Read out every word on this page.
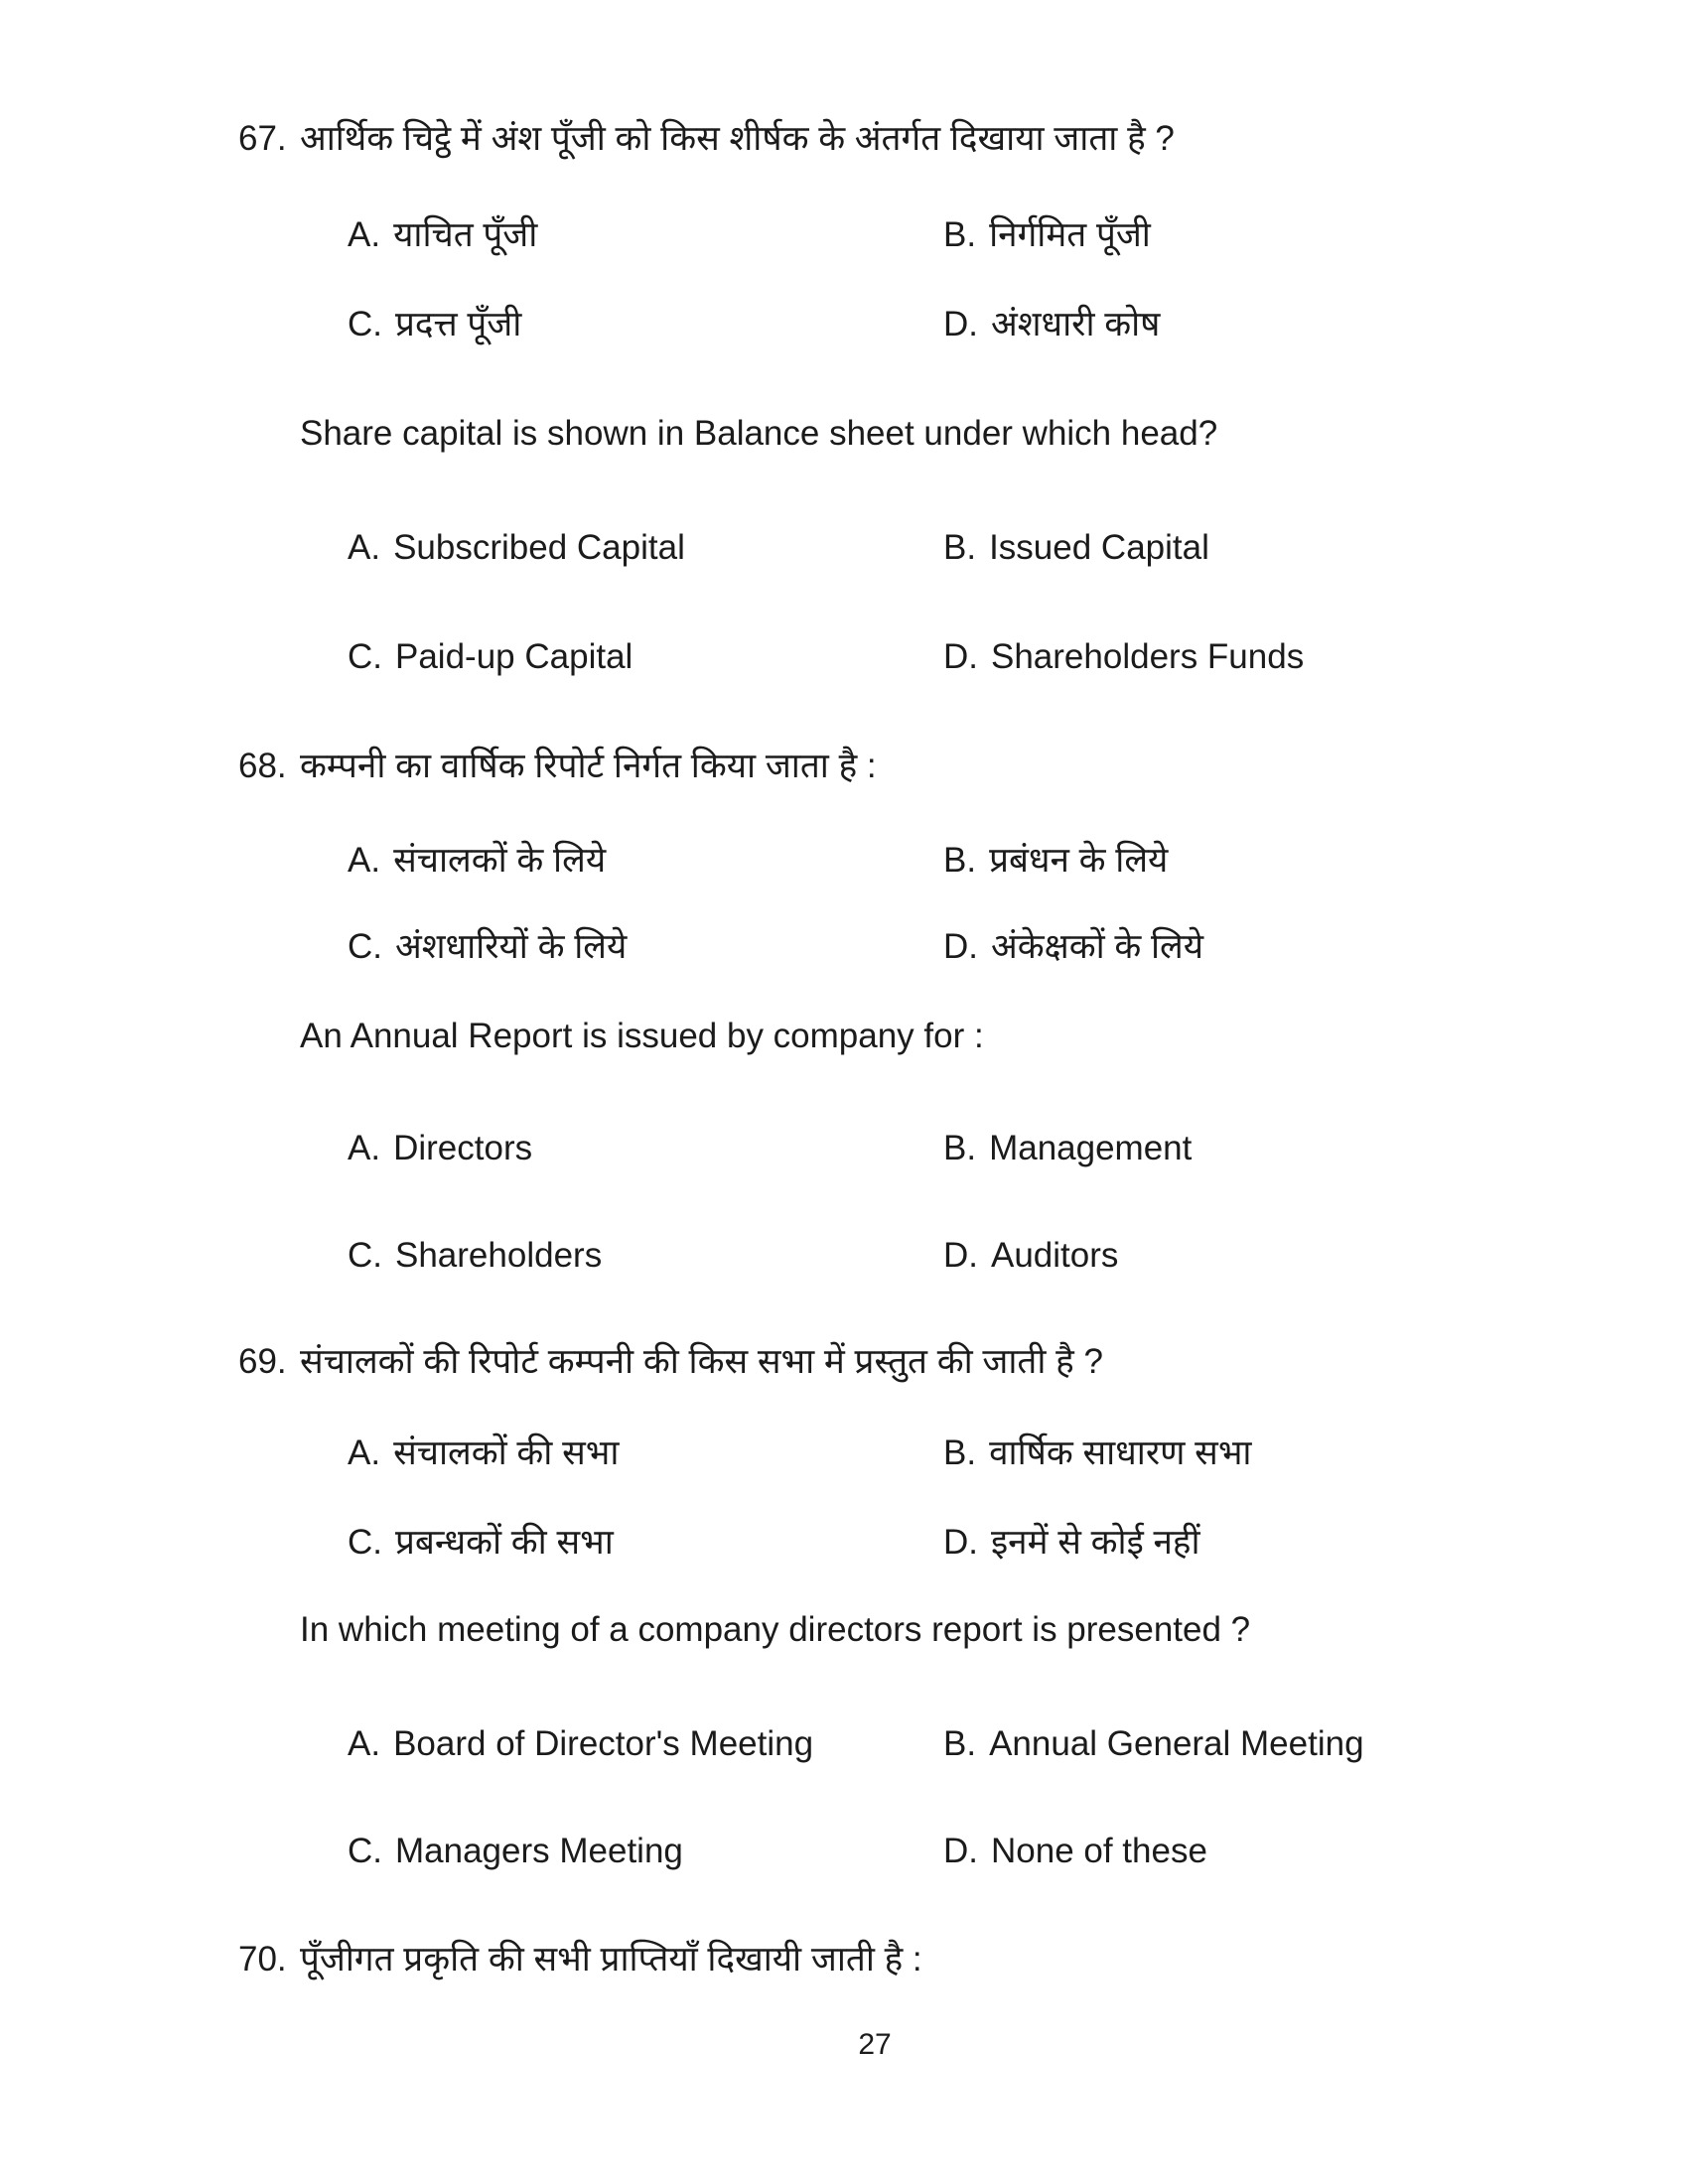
67. आर्थिक चिट्ठे में अंश पूँजी को किस शीर्षक के अंतर्गत दिखाया जाता है ?
A. याचित पूँजी	B. निर्गमित पूँजी
C. प्रदत्त पूँजी	D. अंशधारी कोष
Share capital is shown in Balance sheet under which head?
A. Subscribed Capital	B. Issued Capital
C. Paid-up Capital	D. Shareholders Funds
68. कम्पनी का वार्षिक रिपोर्ट निर्गत किया जाता है :
A. संचालकों के लिये	B. प्रबंधन के लिये
C. अंशधारियों के लिये	D. अंकेक्षकों के लिये
An Annual Report is issued by company for :
A. Directors	B. Management
C. Shareholders	D. Auditors
69. संचालकों की रिपोर्ट कम्पनी की किस सभा में प्रस्तुत की जाती है ?
A. संचालकों की सभा	B. वार्षिक साधारण सभा
C. प्रबन्धकों की सभा	D. इनमें से कोई नहीं
In which meeting of a company directors report is presented ?
A. Board of Director's Meeting	B. Annual General Meeting
C. Managers Meeting	D. None of these
70. पूँजीगत प्रकृति की सभी प्राप्तियाँ दिखायी जाती है :
27
